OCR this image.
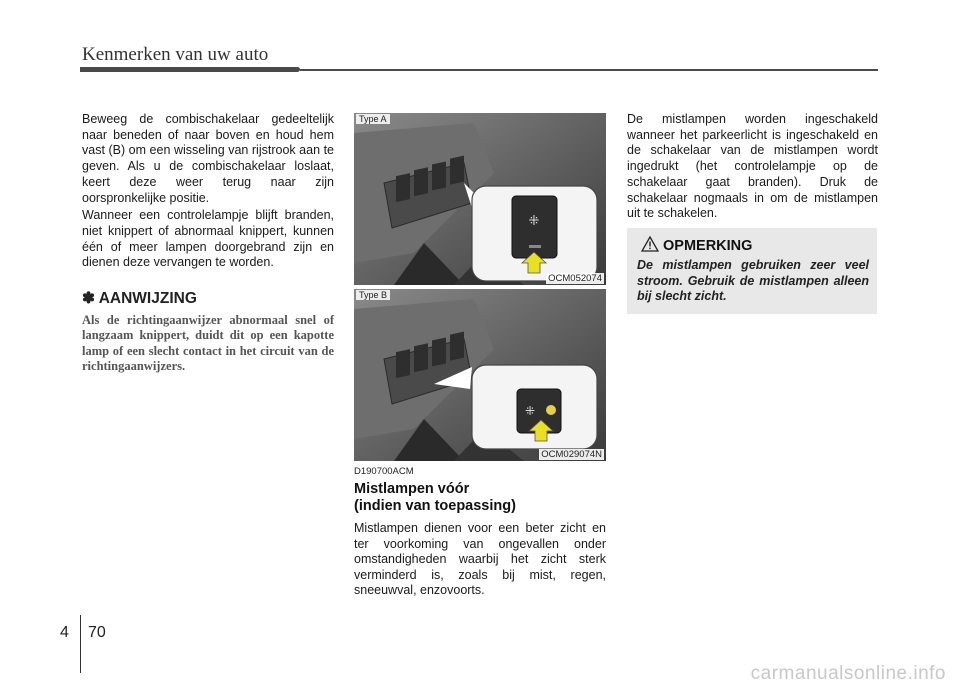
Kenmerken van uw auto

Beweeg de combischakelaar gedeeltelijk naar beneden of naar boven en houd hem vast (B) om een wisseling van rijstrook aan te geven. Als u de combischakelaar loslaat, keert deze weer terug naar zijn oorspronkelijke positie.

Wanneer een controlelampje blijft branden, niet knippert of abnormaal knippert, kunnen één of meer lampen doorgebrand zijn en dienen deze vervangen te worden.

✽ AANWIJZING
Als de richtingaanwijzer abnormaal snel of langzaam knippert, duidt dit op een kapotte lamp of een slecht contact in het circuit van de richtingaanwijzers.
Type A
⁜
OCM052074
Type B
⁜
OCM029074N
D190700ACM
Mistlampen vóór
(indien van toepassing)

Mistlampen dienen voor een beter zicht en ter voorkoming van ongevallen onder omstandigheden waarbij het zicht sterk verminderd is, zoals bij mist, regen, sneeuwval, enzovoorts.

De mistlampen worden ingeschakeld wanneer het parkeerlicht is ingeschakeld en de schakelaar van de mistlampen wordt ingedrukt (het controlelampje op de schakelaar gaat branden). Druk de schakelaar nogmaals in om de mistlampen uit te schakelen.

OPMERKING
De mistlampen gebruiken zeer veel stroom. Gebruik de mistlampen alleen bij slecht zicht.
4 70
carmanualsonline.info
